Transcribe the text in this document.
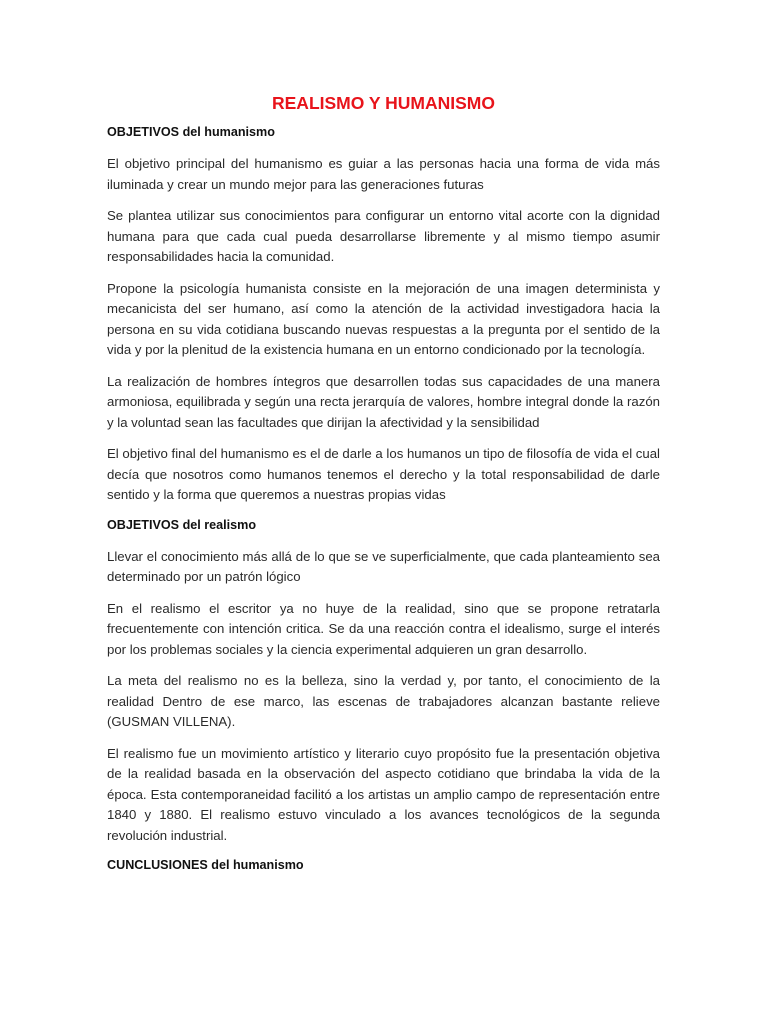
REALISMO Y HUMANISMO
OBJETIVOS del humanismo

El objetivo principal del humanismo es guiar a las personas hacia una forma de vida más iluminada y crear un mundo mejor para las generaciones futuras

Se plantea utilizar sus conocimientos para configurar un entorno vital acorte con la dignidad humana para que cada cual pueda desarrollarse libremente y al mismo tiempo asumir responsabilidades hacia la comunidad.

Propone la psicología humanista consiste en la mejoración de una imagen determinista y mecanicista del ser humano, así como la atención de la actividad investigadora hacia la persona en su vida cotidiana buscando nuevas respuestas a la pregunta por el sentido de la vida y por la plenitud de la existencia humana en un entorno condicionado por la tecnología.

La realización de hombres íntegros que desarrollen todas sus capacidades de una manera armoniosa, equilibrada y según una recta jerarquía de valores, hombre integral donde la razón y la voluntad sean las facultades que dirijan la afectividad y la sensibilidad

El objetivo final del humanismo es el de darle a los humanos un tipo de filosofía de vida el cual decía que nosotros como humanos tenemos el derecho y la total responsabilidad de darle sentido y la forma que queremos a nuestras propias vidas

OBJETIVOS del realismo

Llevar el conocimiento más allá de lo que se ve superficialmente, que cada planteamiento sea determinado por un patrón lógico

En el realismo el escritor ya no huye de la realidad, sino que se propone retratarla frecuentemente con intención critica. Se da una reacción contra el idealismo, surge el interés por los problemas sociales y la ciencia experimental adquieren un gran desarrollo.

La meta del realismo no es la belleza, sino la verdad y, por tanto, el conocimiento de la realidad Dentro de ese marco, las escenas de trabajadores alcanzan bastante relieve (GUSMAN VILLENA).

El realismo fue un movimiento artístico y literario cuyo propósito fue la presentación objetiva de la realidad basada en la observación del aspecto cotidiano que brindaba la vida de la época. Esta contemporaneidad facilitó a los artistas un amplio campo de representación entre 1840 y 1880. El realismo estuvo vinculado a los avances tecnológicos de la segunda revolución industrial.

CUNCLUSIONES del humanismo
